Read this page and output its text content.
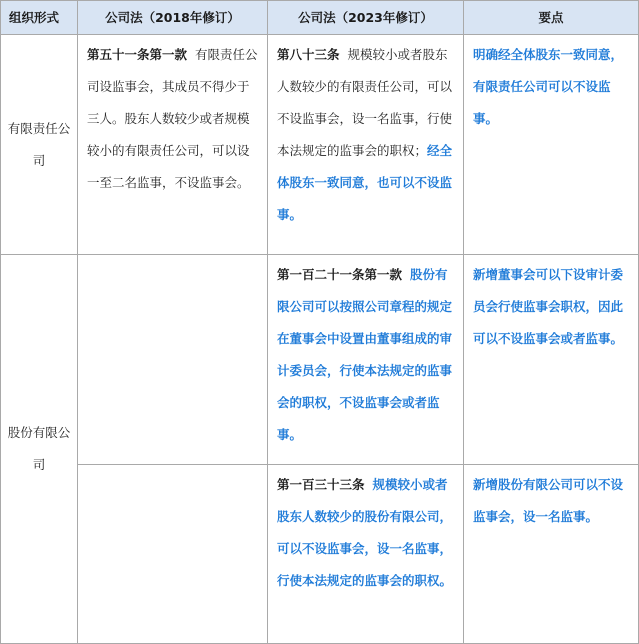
组织形式	公司法（2018年修订）	公司法（2023年修订）	要点
有限责任公司	第五十一条第一款 有限责任公司设监事会，其成员不得少于三人。股东人数较少或者规模较小的有限责任公司，可以设一至二名监事，不设监事会。	第八十三条 规模较小或者股东人数较少的有限责任公司，可以不设监事会，设一名监事，行使本法规定的监事会的职权；经全体股东一致同意，也可以不设监事。	明确经全体股东一致同意，有限责任公司可以不设监事。
股份有限公司		第一百二十一条第一款 股份有限公司可以按照公司章程的规定在董事会中设置由董事组成的审计委员会，行使本法规定的监事会的职权，不设监事会或者监事。	新增董事会可以下设审计委员会行使监事会职权，因此可以不设监事会或者监事。
		第一百三十三条 规模较小或者股东人数较少的股份有限公司，可以不设监事会，设一名监事，行使本法规定的监事会的职权。	新增股份有限公司可以不设监事会，设一名监事。
